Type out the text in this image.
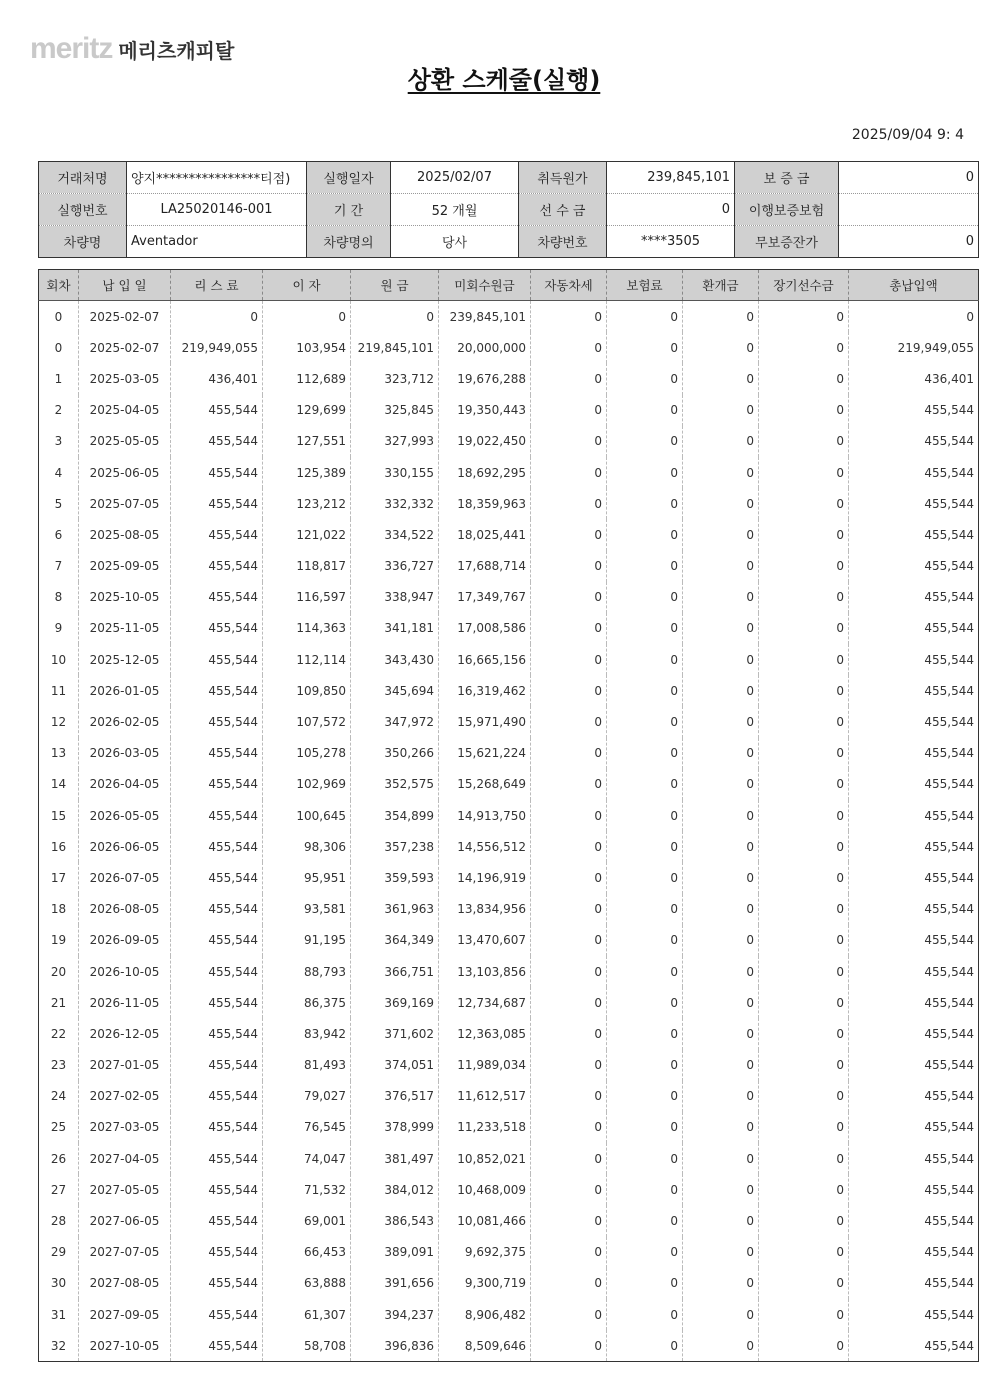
meritz 메리츠캐피탈
상환 스케줄(실행)
2025/09/04 9: 4
거래처명	양지****************티점)	실행일자	2025/02/07	취득원가	239,845,101	보 증 금	0
실행번호	LA25020146-001	기 간	52 개월	선 수 금	0	이행보증보험	
차량명	Aventador	차량명의	당사	차량번호	****3505	무보증잔가	0
회차	납 입 일	리 스 료	이 자	원 금	미회수원금	자동차세	보험료	환개금	장기선수금	총납입액
0	2025-02-07	0	0	0	239,845,101	0	0	0	0	0
0	2025-02-07	219,949,055	103,954	219,845,101	20,000,000	0	0	0	0	219,949,055
1	2025-03-05	436,401	112,689	323,712	19,676,288	0	0	0	0	436,401
2	2025-04-05	455,544	129,699	325,845	19,350,443	0	0	0	0	455,544
3	2025-05-05	455,544	127,551	327,993	19,022,450	0	0	0	0	455,544
4	2025-06-05	455,544	125,389	330,155	18,692,295	0	0	0	0	455,544
5	2025-07-05	455,544	123,212	332,332	18,359,963	0	0	0	0	455,544
6	2025-08-05	455,544	121,022	334,522	18,025,441	0	0	0	0	455,544
7	2025-09-05	455,544	118,817	336,727	17,688,714	0	0	0	0	455,544
8	2025-10-05	455,544	116,597	338,947	17,349,767	0	0	0	0	455,544
9	2025-11-05	455,544	114,363	341,181	17,008,586	0	0	0	0	455,544
10	2025-12-05	455,544	112,114	343,430	16,665,156	0	0	0	0	455,544
11	2026-01-05	455,544	109,850	345,694	16,319,462	0	0	0	0	455,544
12	2026-02-05	455,544	107,572	347,972	15,971,490	0	0	0	0	455,544
13	2026-03-05	455,544	105,278	350,266	15,621,224	0	0	0	0	455,544
14	2026-04-05	455,544	102,969	352,575	15,268,649	0	0	0	0	455,544
15	2026-05-05	455,544	100,645	354,899	14,913,750	0	0	0	0	455,544
16	2026-06-05	455,544	98,306	357,238	14,556,512	0	0	0	0	455,544
17	2026-07-05	455,544	95,951	359,593	14,196,919	0	0	0	0	455,544
18	2026-08-05	455,544	93,581	361,963	13,834,956	0	0	0	0	455,544
19	2026-09-05	455,544	91,195	364,349	13,470,607	0	0	0	0	455,544
20	2026-10-05	455,544	88,793	366,751	13,103,856	0	0	0	0	455,544
21	2026-11-05	455,544	86,375	369,169	12,734,687	0	0	0	0	455,544
22	2026-12-05	455,544	83,942	371,602	12,363,085	0	0	0	0	455,544
23	2027-01-05	455,544	81,493	374,051	11,989,034	0	0	0	0	455,544
24	2027-02-05	455,544	79,027	376,517	11,612,517	0	0	0	0	455,544
25	2027-03-05	455,544	76,545	378,999	11,233,518	0	0	0	0	455,544
26	2027-04-05	455,544	74,047	381,497	10,852,021	0	0	0	0	455,544
27	2027-05-05	455,544	71,532	384,012	10,468,009	0	0	0	0	455,544
28	2027-06-05	455,544	69,001	386,543	10,081,466	0	0	0	0	455,544
29	2027-07-05	455,544	66,453	389,091	9,692,375	0	0	0	0	455,544
30	2027-08-05	455,544	63,888	391,656	9,300,719	0	0	0	0	455,544
31	2027-09-05	455,544	61,307	394,237	8,906,482	0	0	0	0	455,544
32	2027-10-05	455,544	58,708	396,836	8,509,646	0	0	0	0	455,544
